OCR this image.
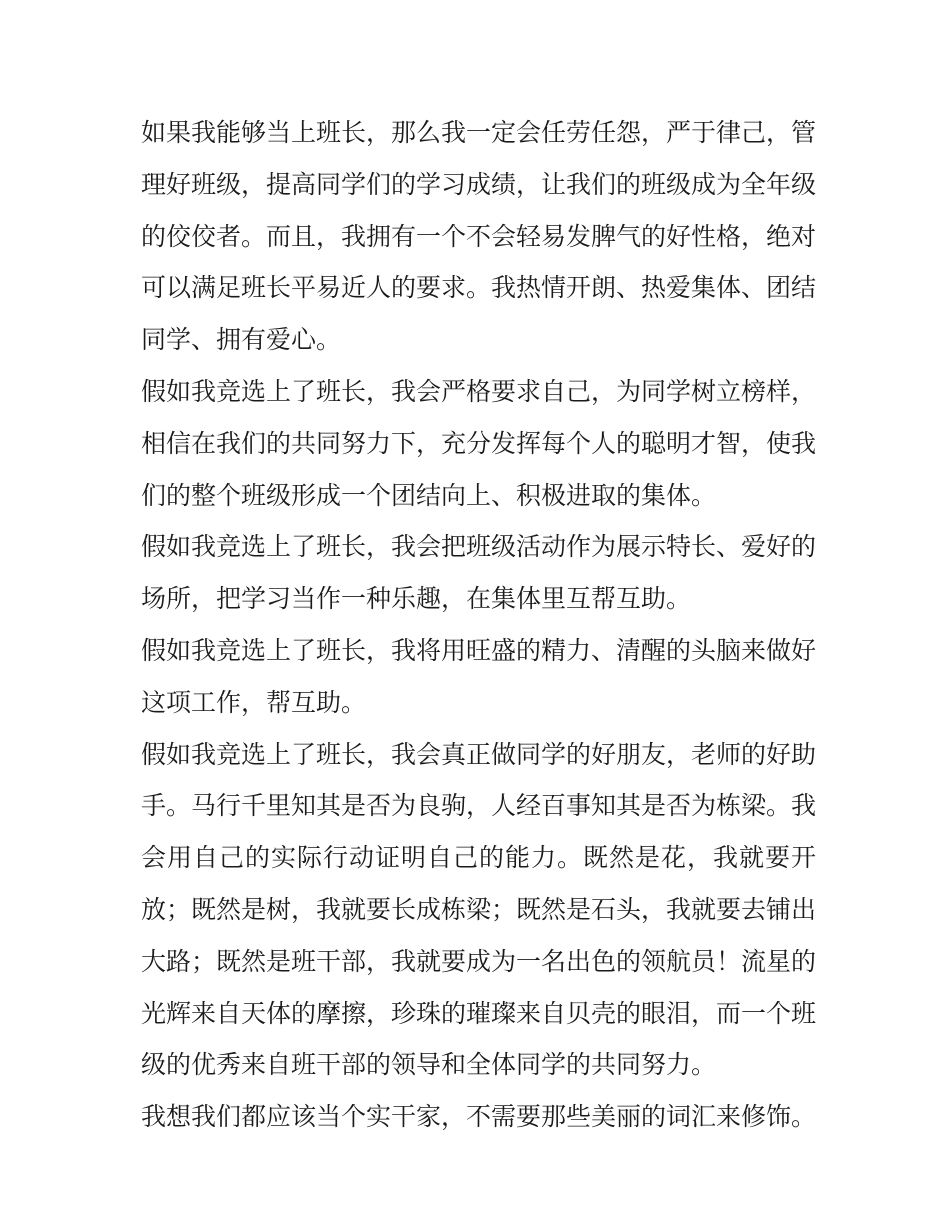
如果我能够当上班长，那么我一定会任劳任怨，严于律己，管理好班级，提高同学们的学习成绩，让我们的班级成为全年级的佼佼者。而且，我拥有一个不会轻易发脾气的好性格，绝对可以满足班长平易近人的要求。我热情开朗、热爱集体、团结同学、拥有爱心。

假如我竞选上了班长，我会严格要求自己，为同学树立榜样，相信在我们的共同努力下，充分发挥每个人的聪明才智，使我们的整个班级形成一个团结向上、积极进取的集体。

假如我竞选上了班长，我会把班级活动作为展示特长、爱好的场所，把学习当作一种乐趣，在集体里互帮互助。

假如我竞选上了班长，我将用旺盛的精力、清醒的头脑来做好这项工作，帮互助。

假如我竞选上了班长，我会真正做同学的好朋友，老师的好助手。马行千里知其是否为良驹，人经百事知其是否为栋梁。我会用自己的实际行动证明自己的能力。既然是花，我就要开放；既然是树，我就要长成栋梁；既然是石头，我就要去铺出大路；既然是班干部，我就要成为一名出色的领航员！流星的光辉来自天体的摩擦，珍珠的璀璨来自贝壳的眼泪，而一个班级的优秀来自班干部的领导和全体同学的共同努力。

我想我们都应该当个实干家，不需要那些美丽的词汇来修饰。
